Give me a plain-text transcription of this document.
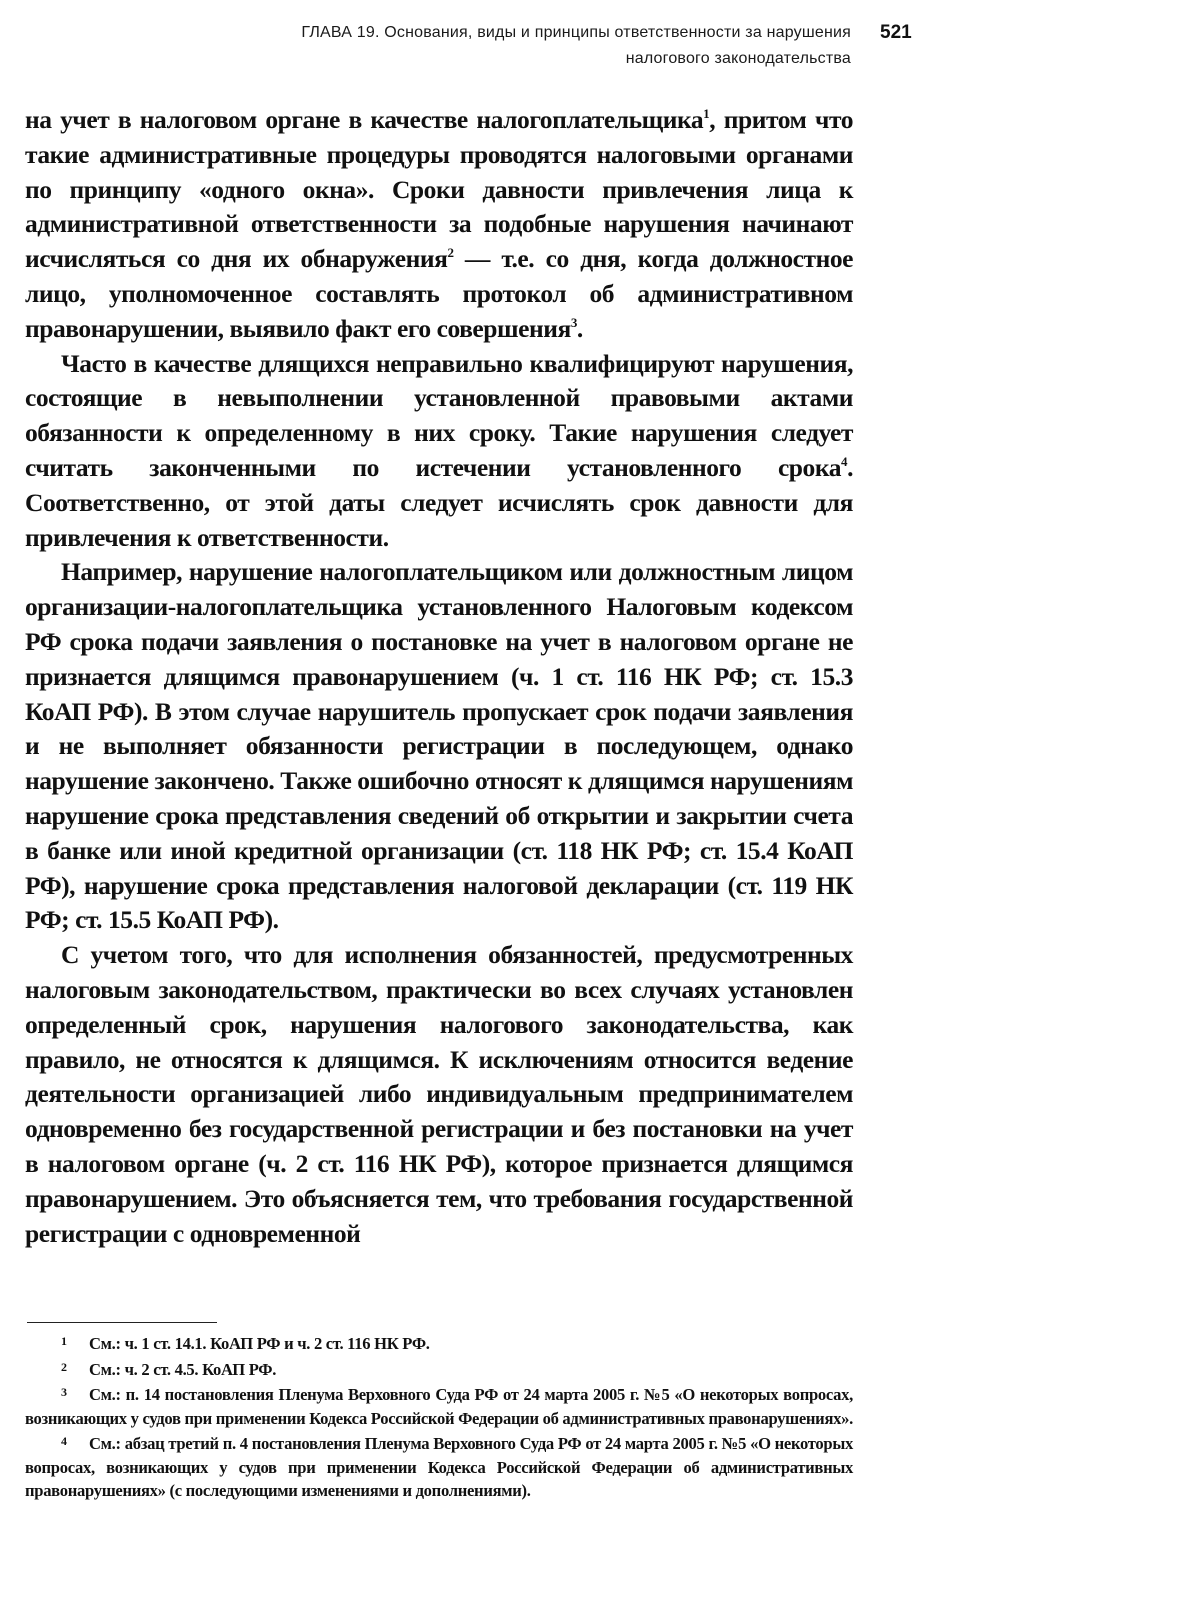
ГЛАВА 19. Основания, виды и принципы ответственности за нарушения
налогового законодательства
521

на учет в налоговом органе в качестве налогоплательщика$^1$, притом что такие административные процедуры проводятся налоговыми органами по принципу «одного окна». Сроки давности привлечения лица к административной ответственности за подобные нарушения начинают исчисляться со дня их обнаружения$^2$ — т.е. со дня, когда должностное лицо, уполномоченное составлять протокол об административном правонарушении, выявило факт его совершения$^3$.

Часто в качестве длящихся неправильно квалифицируют нарушения, состоящие в невыполнении установленной правовыми актами обязанности к определенному в них сроку. Такие нарушения следует считать законченными по истечении установленного срока$^4$. Соответственно, от этой даты следует исчислять срок давности для привлечения к ответственности.

Например, нарушение налогоплательщиком или должностным лицом организации-налогоплательщика установленного Налоговым кодексом РФ срока подачи заявления о постановке на учет в налоговом органе не признается длящимся правонарушением (ч. 1 ст. 116 НК РФ; ст. 15.3 КоАП РФ). В этом случае нарушитель пропускает срок подачи заявления и не выполняет обязанности регистрации в последующем, однако нарушение закончено. Также ошибочно относят к длящимся нарушениям нарушение срока представления сведений об открытии и закрытии счета в банке или иной кредитной организации (ст. 118 НК РФ; ст. 15.4 КоАП РФ), нарушение срока представления налоговой декларации (ст. 119 НК РФ; ст. 15.5 КоАП РФ).

С учетом того, что для исполнения обязанностей, предусмотренных налоговым законодательством, практически во всех случаях установлен определенный срок, нарушения налогового законодательства, как правило, не относятся к длящимся. К исключениям относится ведение деятельности организацией либо индивидуальным предпринимателем одновременно без государственной регистрации и без постановки на учет в налоговом органе (ч. 2 ст. 116 НК РФ), которое признается длящимся правонарушением. Это объясняется тем, что требования государственной регистрации с одновременной

1 См.: ч. 1 ст. 14.1. КоАП РФ и ч. 2 ст. 116 НК РФ.

2 См.: ч. 2 ст. 4.5. КоАП РФ.

3 См.: п. 14 постановления Пленума Верховного Суда РФ от 24 марта 2005 г. №5 «О некоторых вопросах, возникающих у судов при применении Кодекса Российской Федерации об административных правонарушениях».

4 См.: абзац третий п. 4 постановления Пленума Верховного Суда РФ от 24 марта 2005 г. №5 «О некоторых вопросах, возникающих у судов при применении Кодекса Российской Федерации об административных правонарушениях» (с последующими изменениями и дополнениями).
